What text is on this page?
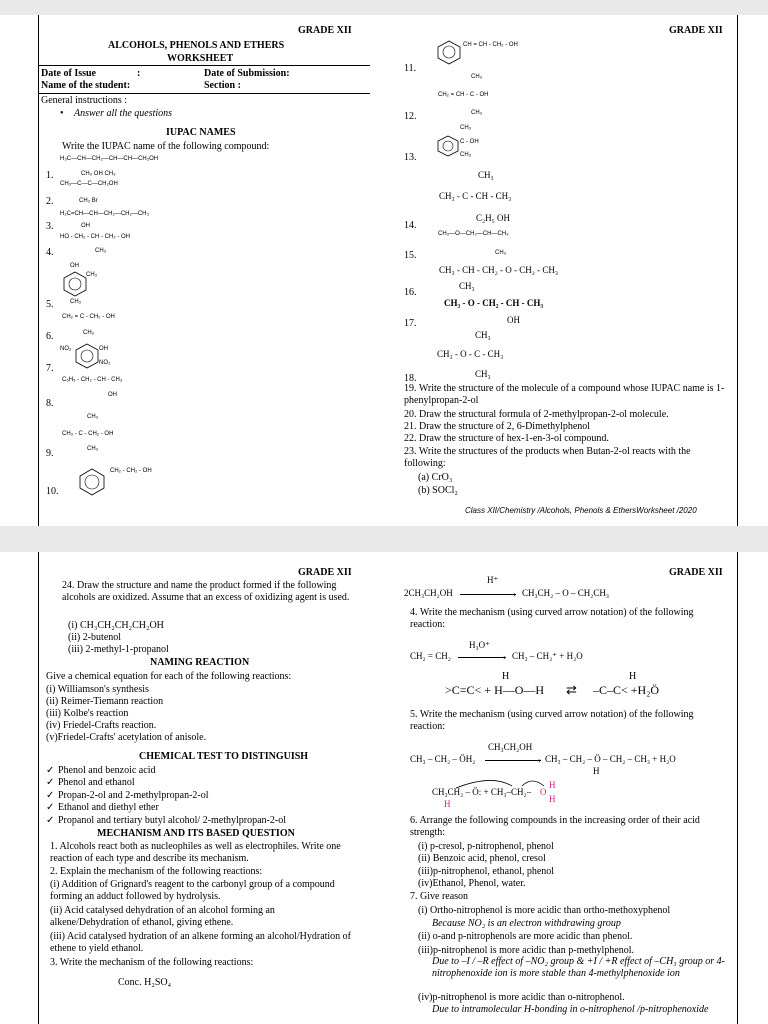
GRADE XII	GRADE XII
ALCOHOLS, PHENOLS AND ETHERS
WORKSHEET
Date of Issue	:	Date of Submission:
Name of the student:	Section :
General instructions :
• Answer all the questions
IUPAC NAMES
Write the IUPAC name of the following compound:
H₃C—CH—CH₂—CH—CH—CH₂OH
CH₃ OH CH₃
1.
CH₃—C—C—CH₂OH
CH₃ Br
2.
H₂C=CH—CH—CH₂—CH₂—CH₃
OH
3.
HO - CH₂ - CH - CH₂ - OH
CH₃
4.
OH
CH₃
CH₃
5.
CH₂ = C - CH₂ - OH
CH₃
6.
NO₂	OH
NO₂
7.
C₆H₅ - CH₂ - CH - CH₃
OH
8.
CH₃
CH₃ - C - CH₂ - OH
CH₃
9.
CH₂ - CH₂ - OH
10.
CH = CH - CH₂ - OH
11.
CH₃
CH₂ = CH - C - OH
CH₃
12.
CH₃
C - OH
CH₃
13.
CH₃
CH₃ - C - CH - CH₃
C₂H₅ OH
14.
CH₃—O—CH₂—CH—CH₃
CH₃
15.
CH₃ - CH - CH₂ - O - CH₂ - CH₃
CH₃
16.
CH₃ - O - CH₂ - CH - CH₃
OH
17.
CH₃
CH₃ - O - C - CH₃
CH₃
18.
19. Write the structure of the molecule of a compound whose IUPAC name is 1-phenylpropan-2-ol
20. Draw the structural formula of 2-methylpropan-2-ol molecule.
21. Draw the structure of 2, 6-Dimethylphenol
22. Draw the structure of hex-1-en-3-ol compound.
23. Write the structures of the products when Butan-2-ol reacts with the following:
(a) CrO₃
(b) SOCl₂
Class XII/Chemistry /Alcohols, Phenols & EthersWorksheet /2020
GRADE XII	GRADE XII
24. Draw the structure and name the product formed if the following alcohols are oxidized. Assume that an excess of oxidizing agent is used.
(i) CH₃CH₂CH₂CH₂OH
(ii) 2-butenol
(iii) 2-methyl-1-propanol
NAMING REACTION
Give a chemical equation for each of the following reactions:
(i) Williamson's synthesis
(ii) Reimer-Tiemann reaction
(iii) Kolbe's reaction
(iv) Friedel-Crafts reaction.
(v)Friedel-Crafts' acetylation of anisole.
CHEMICAL TEST TO DISTINGUISH
✓ Phenol and benzoic acid
✓ Phenol and ethanol
✓ Propan-2-ol and 2-methylpropan-2-ol
✓ Ethanol and diethyl ether
✓ Propanol and tertiary butyl alcohol/ 2-methylpropan-2-ol
MECHANISM AND ITS BASED QUESTION
1. Alcohols react both as nucleophiles as well as electrophiles. Write one reaction of each type and describe its mechanism.
2. Explain the mechanism of the following reactions:
(i) Addition of Grignard's reagent to the carbonyl group of a compound forming an adduct followed by hydrolysis.
(ii) Acid catalysed dehydration of an alcohol forming an alkene/Dehydration of ethanol, giving ethene.
(iii) Acid catalysed hydration of an alkene forming an alcohol/Hydration of ethene to yield ethanol.
3. Write the mechanism of the following reactions:
Conc. H₂SO₄
H⁺
2CH₃CH₂OH	› CH₃CH₂ – O – CH₂CH₃
4. Write the mechanism (using curved arrow notation) of the following reaction:
H₃O⁺
CH₂ = CH₂	› CH₃ – CH₂⁺ + H₂O
H	H
>C=C< + H—O—H ⇄ –C–C< +H₂Ö
5. Write the mechanism (using curved arrow notation) of the following reaction:
CH₃CH₂OH
CH₃ – CH₂ – ÖH₂	› CH₃ – CH₂ – Ö – CH₂ – CH₃ + H₂O
H
CH₃CH₂ – Ö: + CH₃–CH₂– O
H
H
H
6. Arrange the following compounds in the increasing order of their acid strength:
(i) p-cresol, p-nitrophenol, phenol
(ii) Benzoic acid, phenol, cresol
(iii)p-nitrophenol, ethanol, phenol
(iv)Ethanol, Phenol, water.
7. Give reason
(i) Ortho-nitrophenol is more acidic than ortho-methoxyphenol
Because NO₂ is an electron withdrawing group
(ii) o-and p-nitrophenols are more acidic than phenol.
(iii)p-nitrophenol is more acidic than p-methylphenol.
Due to –I / –R effect of –NO₂ group & +I / +R effect of –CH₃ group or 4-nitrophenoxide ion is more stable than 4-methylphenoxide ion
(iv)p-nitrophenol is more acidic than o-nitrophenol.
Due to intramolecular H-bonding in o-nitrophenol /p-nitrophenoxide
